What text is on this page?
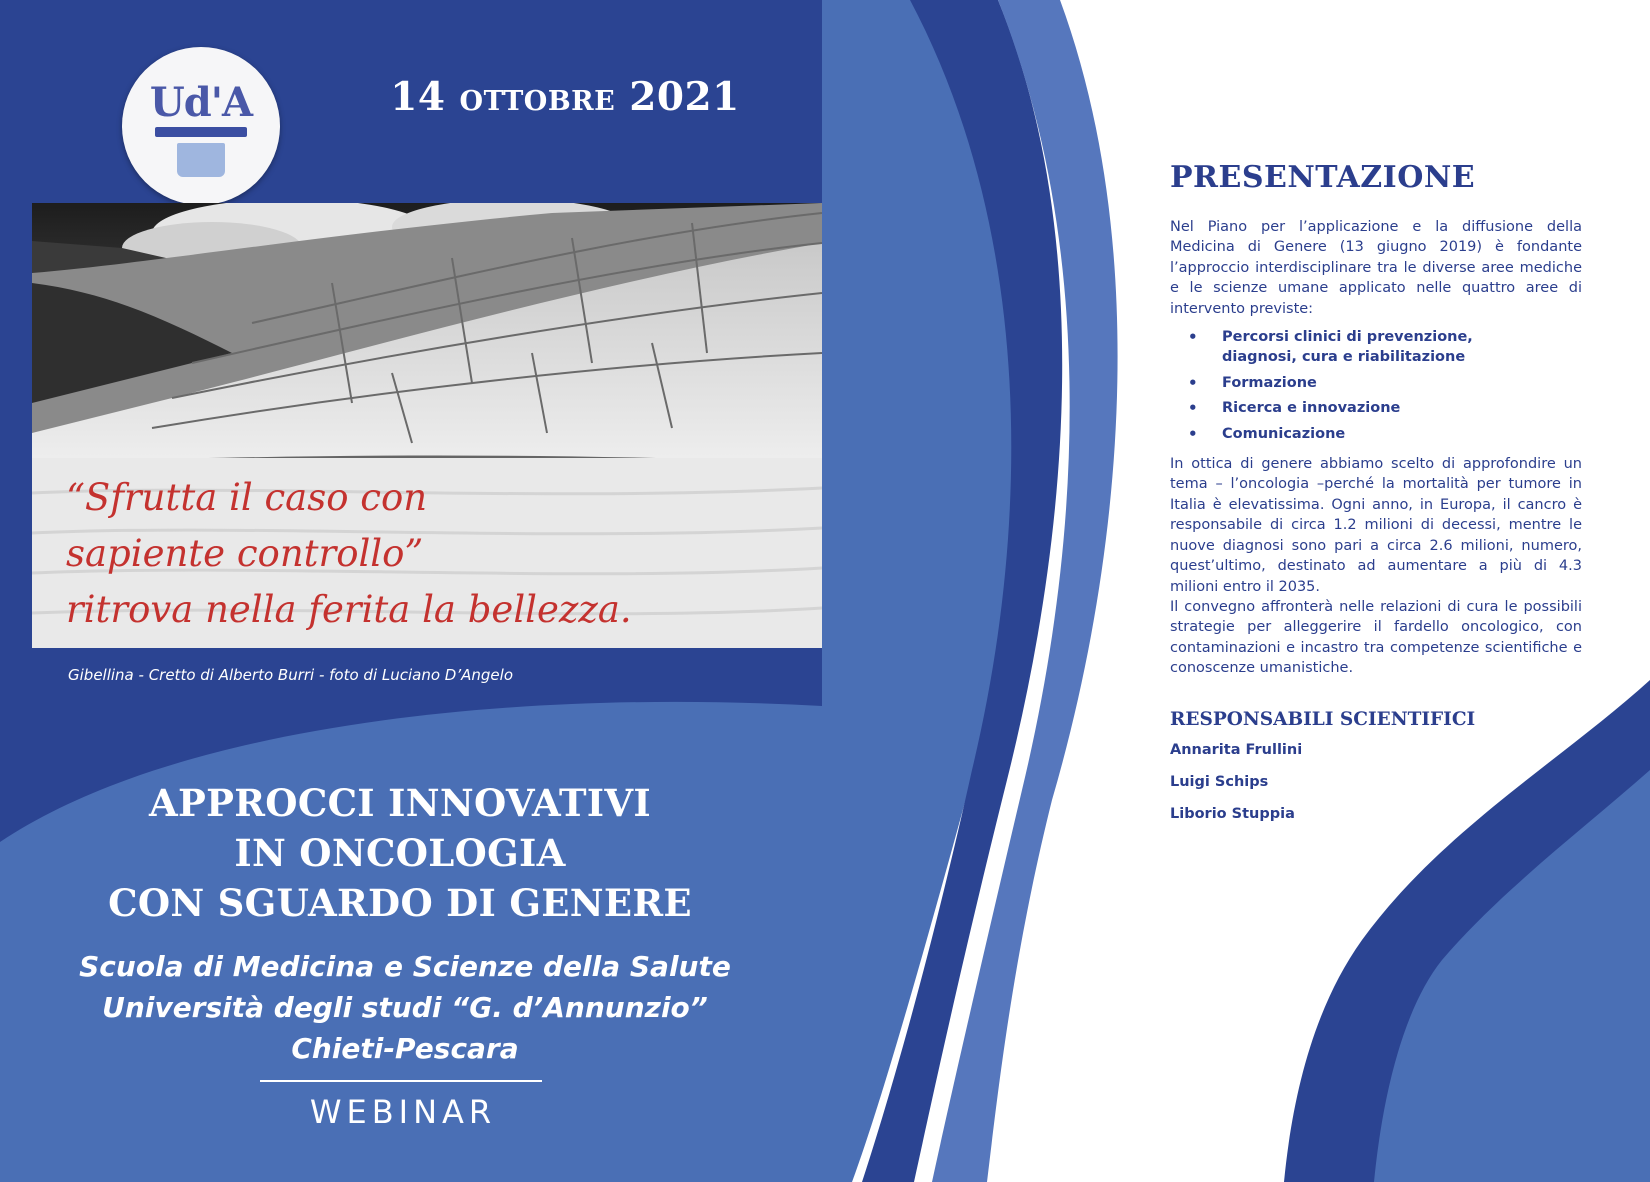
Ud'A	14 ottobre 2021
“Sfrutta il caso con
sapiente controllo”
ritrova nella ferita la bellezza.
Gibellina - Cretto di Alberto Burri - foto di Luciano D’Angelo
APPROCCI INNOVATIVI
IN ONCOLOGIA
CON SGUARDO DI GENERE
Scuola di Medicina e Scienze della Salute
Università degli studi “G. d’Annunzio”
Chieti-Pescara
WEBINAR
PRESENTAZIONE

Nel Piano per l’applicazione e la diffusione della Medicina di Genere (13 giugno 2019) è fondante l’approccio interdisciplinare tra le diverse aree mediche e le scienze umane applicato nelle quattro aree di intervento previste:

• Percorsi clinici di prevenzione,
diagnosi, cura e riabilitazione
• Formazione
• Ricerca e innovazione
• Comunicazione

In ottica di genere abbiamo scelto di approfondire un tema – l’oncologia –perché la mortalità per tumore in Italia è elevatissima. Ogni anno, in Europa, il cancro è responsabile di circa 1.2 milioni di decessi, mentre le nuove diagnosi sono pari a circa 2.6 milioni, numero, quest’ultimo, destinato ad aumentare a più di 4.3 milioni entro il 2035.

Il convegno affronterà nelle relazioni di cura le possibili strategie per alleggerire il fardello oncologico, con contaminazioni e incastro tra competenze scientifiche e conoscenze umanistiche.

RESPONSABILI SCIENTIFICI
Annarita Frullini
Luigi Schips
Liborio Stuppia
